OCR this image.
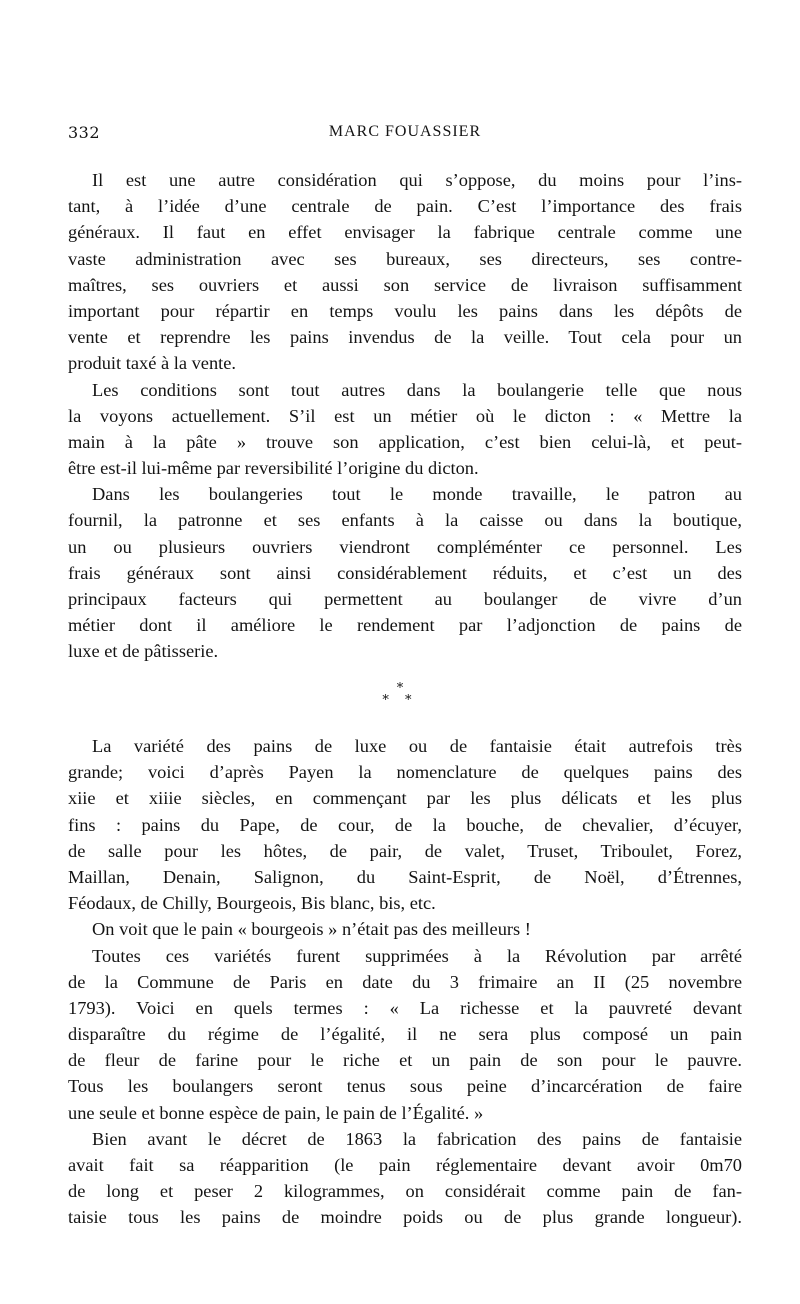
332	MARC FOUASSIER
Il est une autre considération qui s’oppose, du moins pour l’ins-
tant, à l’idée d’une centrale de pain. C’est l’importance des frais
généraux. Il faut en effet envisager la fabrique centrale comme une
vaste administration avec ses bureaux, ses directeurs, ses contre-
maîtres, ses ouvriers et aussi son service de livraison suffisamment
important pour répartir en temps voulu les pains dans les dépôts de
vente et reprendre les pains invendus de la veille. Tout cela pour un
produit taxé à la vente.
Les conditions sont tout autres dans la boulangerie telle que nous
la voyons actuellement. S’il est un métier où le dicton : « Mettre la
main à la pâte » trouve son application, c’est bien celui-là, et peut-
être est-il lui-même par reversibilité l’origine du dicton.
Dans les boulangeries tout le monde travaille, le patron au
fournil, la patronne et ses enfants à la caisse ou dans la boutique,
un ou plusieurs ouvriers viendront compléménter ce personnel. Les
frais généraux sont ainsi considérablement réduits, et c’est un des
principaux facteurs qui permettent au boulanger de vivre d’un
métier dont il améliore le rendement par l’adjonction de pains de
luxe et de pâtisserie.
*
* *
La variété des pains de luxe ou de fantaisie était autrefois très
grande; voici d’après Payen la nomenclature de quelques pains des
xiie et xiiie siècles, en commençant par les plus délicats et les plus
fins : pains du Pape, de cour, de la bouche, de chevalier, d’écuyer,
de salle pour les hôtes, de pair, de valet, Truset, Triboulet, Forez,
Maillan, Denain, Salignon, du Saint-Esprit, de Noël, d’Étrennes,
Féodaux, de Chilly, Bourgeois, Bis blanc, bis, etc.
On voit que le pain « bourgeois » n’était pas des meilleurs !
Toutes ces variétés furent supprimées à la Révolution par arrêté
de la Commune de Paris en date du 3 frimaire an II (25 novembre
1793). Voici en quels termes : « La richesse et la pauvreté devant
disparaître du régime de l’égalité, il ne sera plus composé un pain
de fleur de farine pour le riche et un pain de son pour le pauvre.
Tous les boulangers seront tenus sous peine d’incarcération de faire
une seule et bonne espèce de pain, le pain de l’Égalité. »
Bien avant le décret de 1863 la fabrication des pains de fantaisie
avait fait sa réapparition (le pain réglementaire devant avoir 0m70
de long et peser 2 kilogrammes, on considérait comme pain de fan-
taisie tous les pains de moindre poids ou de plus grande longueur).
